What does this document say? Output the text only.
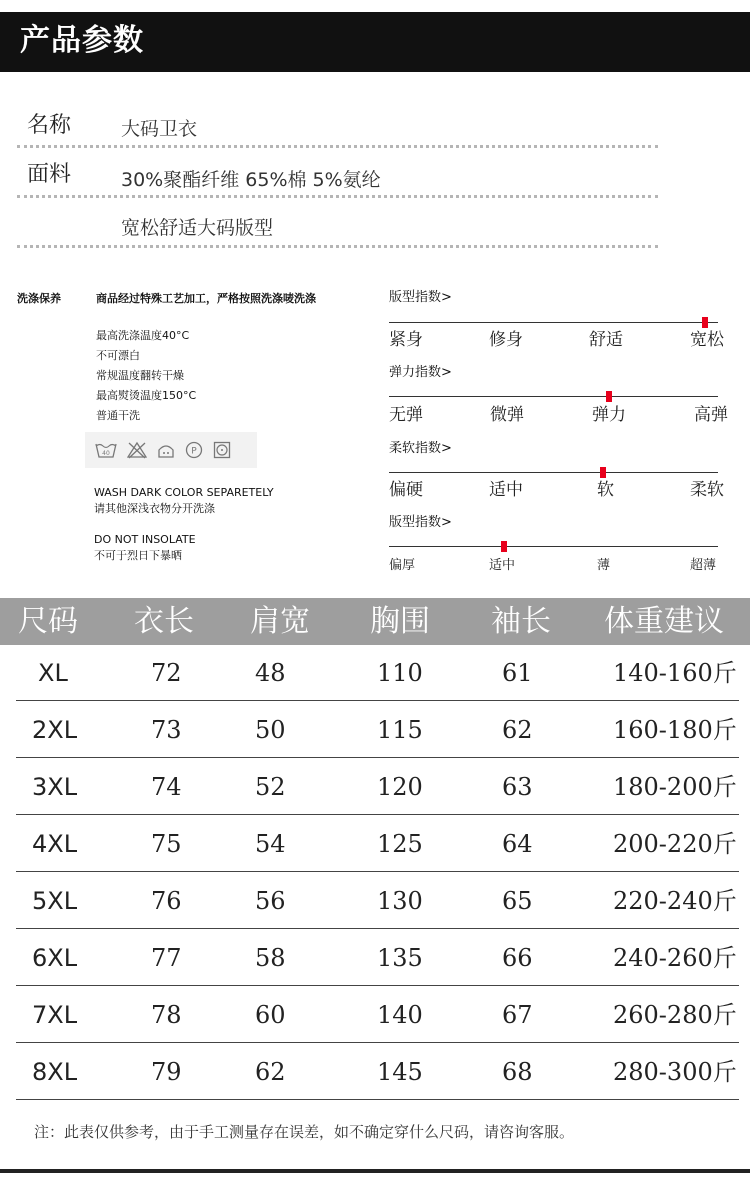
产品参数
名称	大码卫衣
面料	30%聚酯纤维 65%棉 5%氨纶
宽松舒适大码版型
洗涤保养	商品经过特殊工艺加工，严格按照洗涤唛洗涤
最高洗涤温度40°C
不可漂白
常规温度翻转干燥
最高熨烫温度150°C
普通干洗
40	P
WASH DARK COLOR SEPARETELY
请其他深浅衣物分开洗涤
DO NOT INSOLATE
不可于烈日下暴晒
版型指数>
紧身	修身	舒适	宽松
弹力指数>
无弹	微弹	弹力	高弹
柔软指数>
偏硬	适中	软	柔软
版型指数>
偏厚	适中	薄	超薄
尺码 衣长 肩宽 胸围 袖长 体重建议
XL	72	48	110	61	140-160斤
2XL	73	50	115	62	160-180斤
3XL	74	52	120	63	180-200斤
4XL	75	54	125	64	200-220斤
5XL	76	56	130	65	220-240斤
6XL	77	58	135	66	240-260斤
7XL	78	60	140	67	260-280斤
8XL	79	62	145	68	280-300斤
注：此表仅供参考，由于手工测量存在误差，如不确定穿什么尺码，请咨询客服。
